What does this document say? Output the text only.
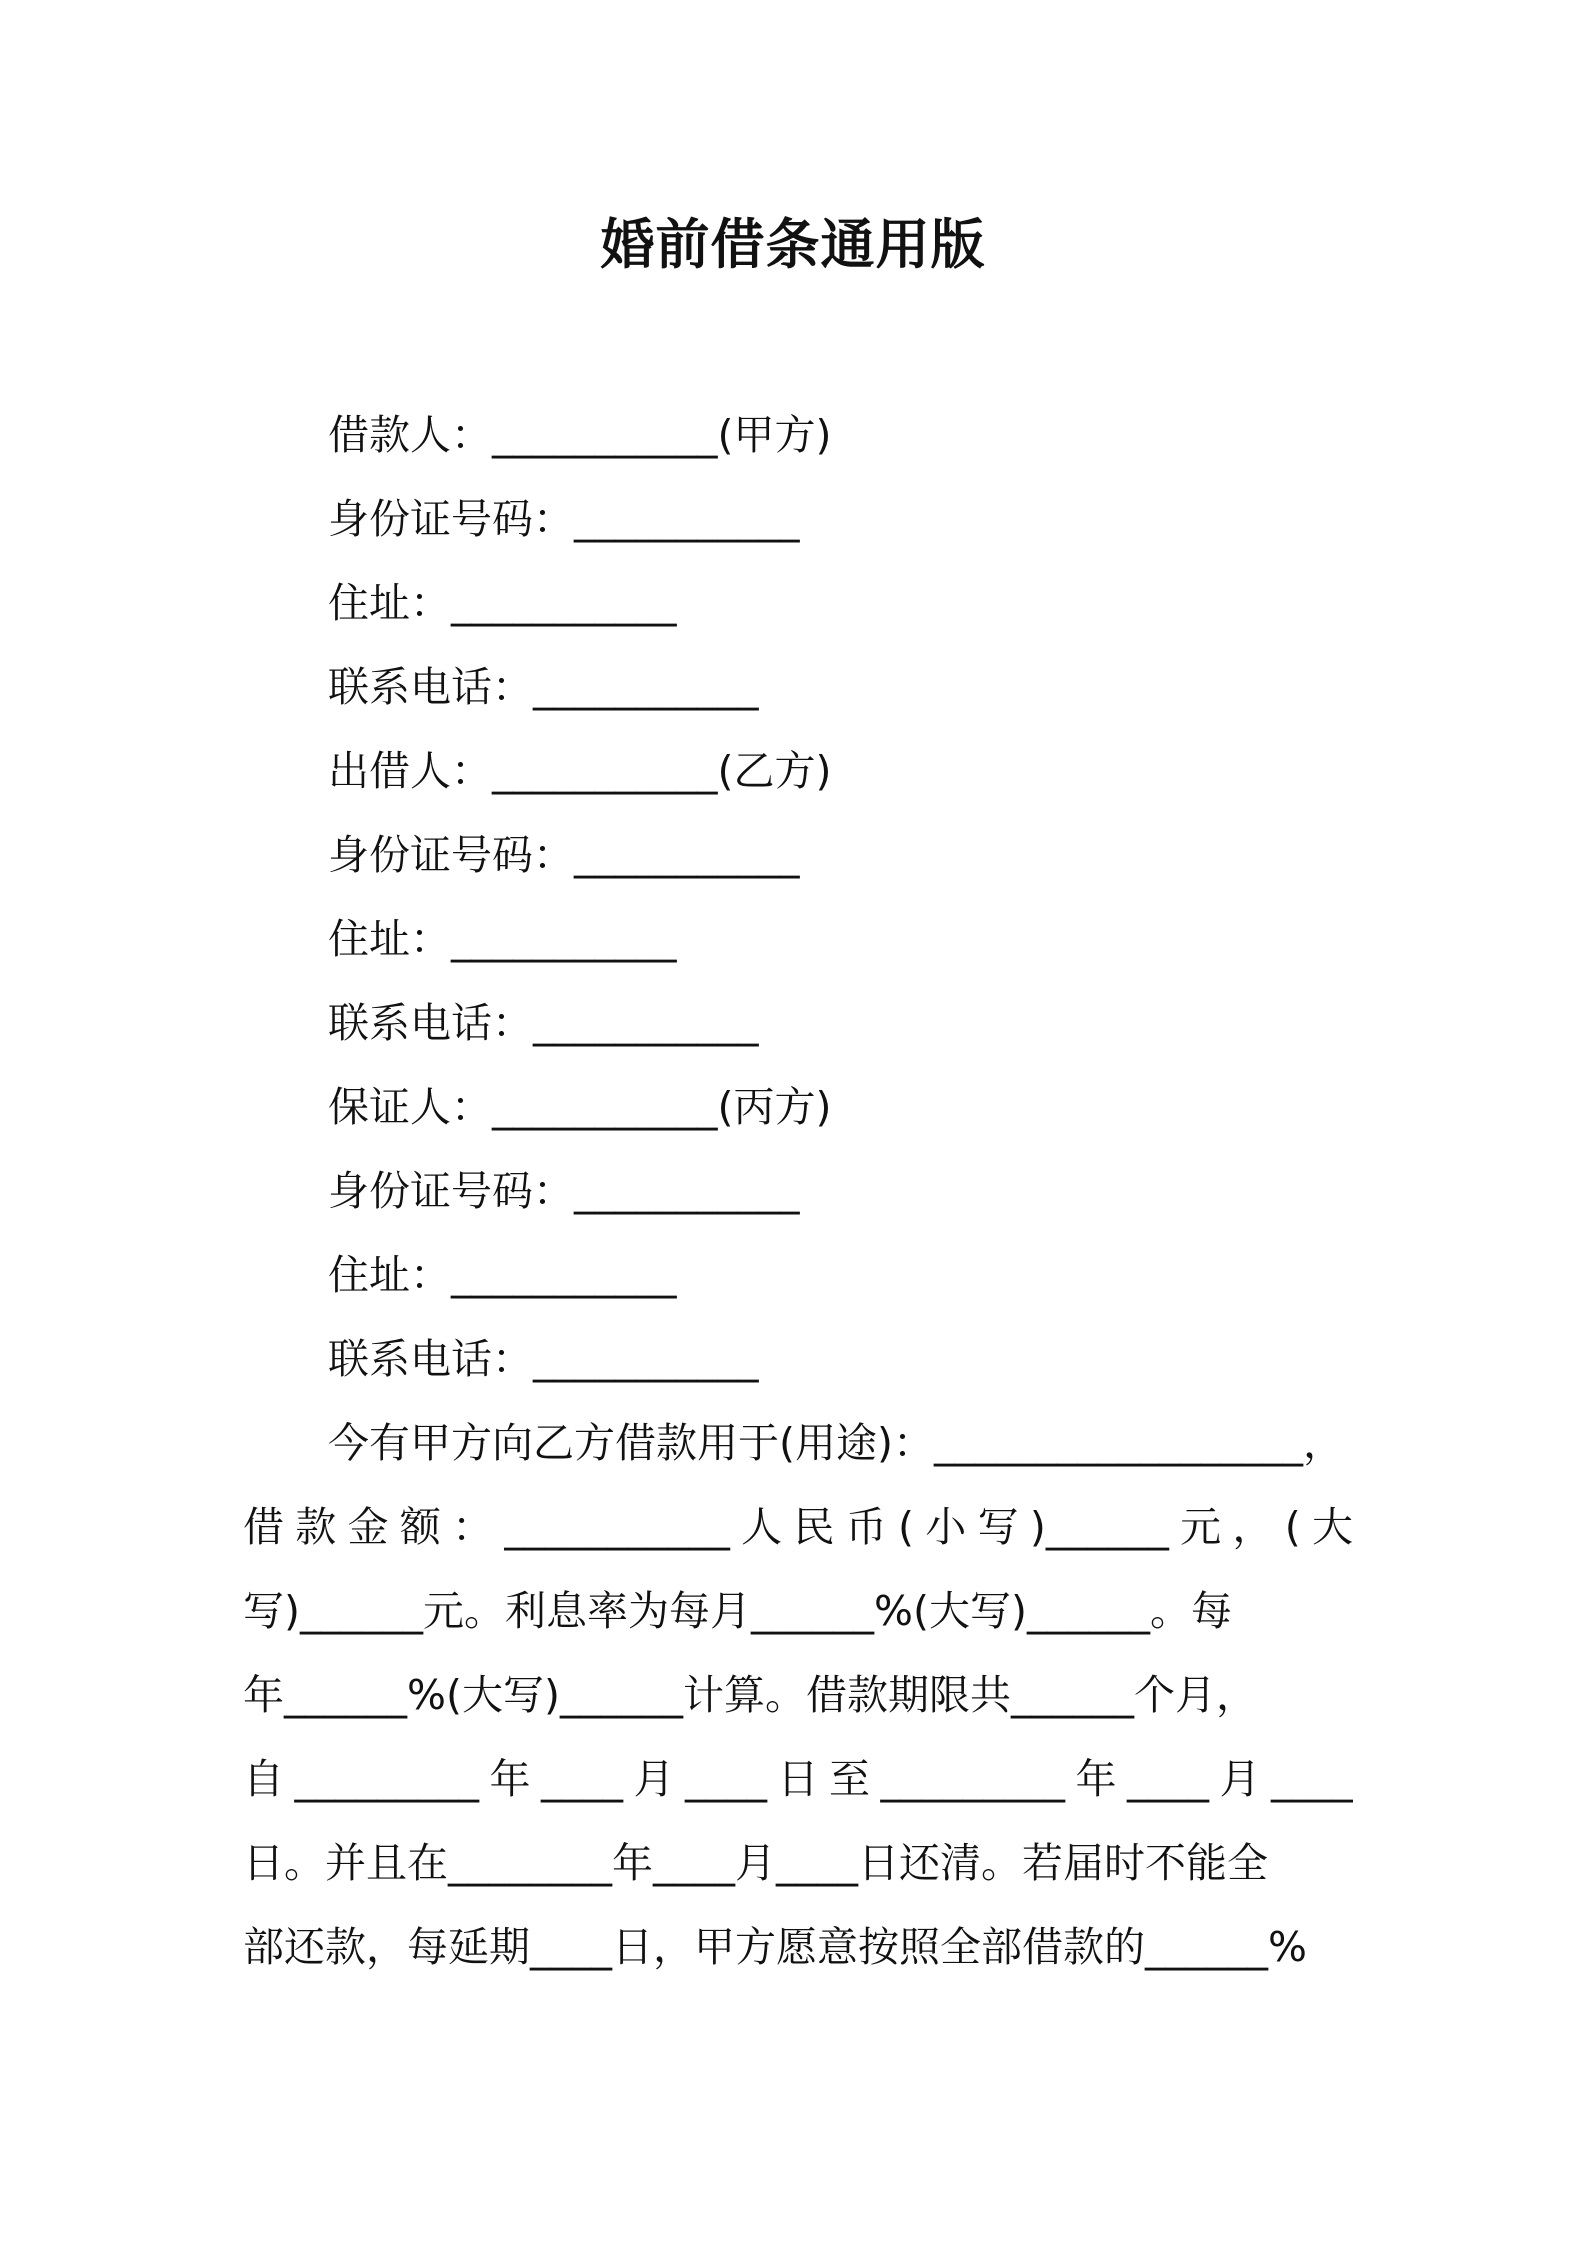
婚前借条通用版
借款人：___________(甲方)
身份证号码：___________
住址：___________
联系电话：___________
出借人：___________(乙方)
身份证号码：___________
住址：___________
联系电话：___________
保证人：___________(丙方)
身份证号码：___________
住址：___________
联系电话：___________
今有甲方向乙方借款用于(用途)：__________________，
借款金额：___________人民币(小写)______元，(大
写)______元。利息率为每月______%(大写)______。每
年______%(大写)______计算。借款期限共______个月，
自_________年____月____日至_________年____月____
日。并且在________年____月____日还清。若届时不能全
部还款，每延期____日，甲方愿意按照全部借款的______%
